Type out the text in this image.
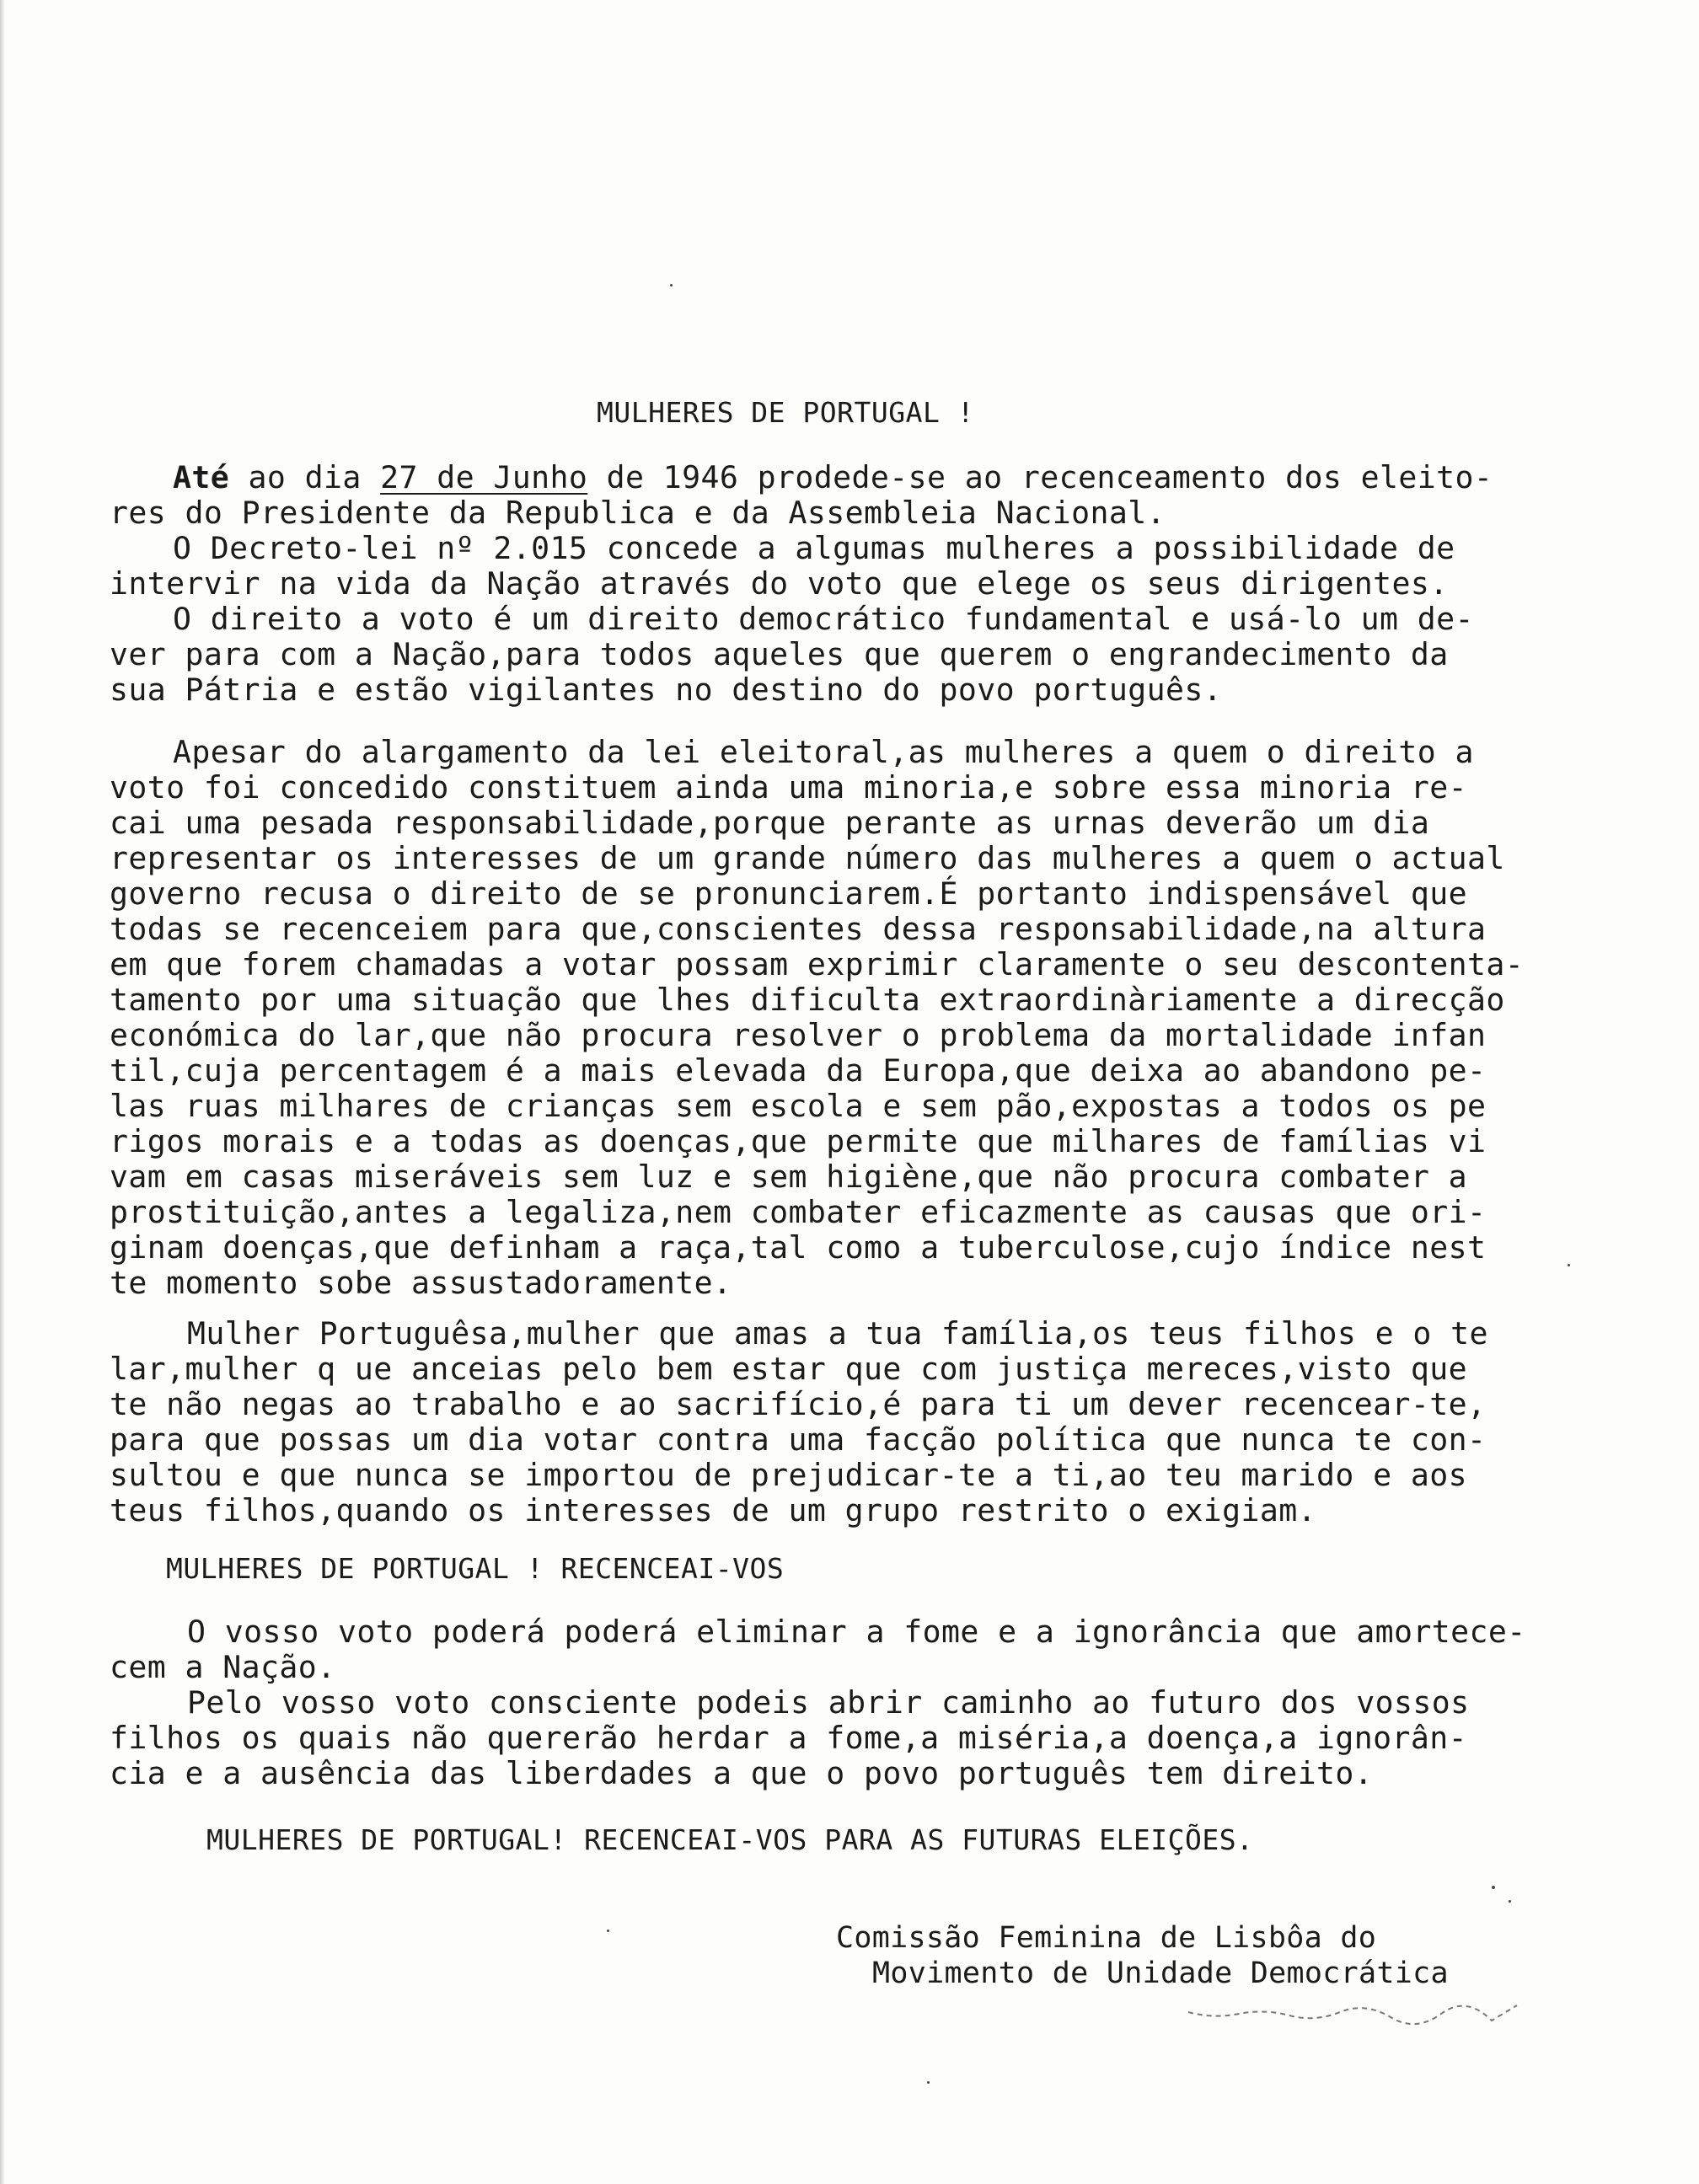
MULHERES DE PORTUGAL !
Até ao dia 27 de Junho de 1946 prodede-se ao recenceamento dos eleito-
res do Presidente da Republica e da Assembleia Nacional.
O Decreto-lei nº 2.015 concede a algumas mulheres a possibilidade de
intervir na vida da Nação através do voto que elege os seus dirigentes.
O direito a voto é um direito democrático fundamental e usá-lo um de-
ver para com a Nação,para todos aqueles que querem o engrandecimento da
sua Pátria e estão vigilantes no destino do povo português.
Apesar do alargamento da lei eleitoral,as mulheres a quem o direito a
voto foi concedido constituem ainda uma minoria,e sobre essa minoria re-
cai uma pesada responsabilidade,porque perante as urnas deverão um dia
representar os interesses de um grande número das mulheres a quem o actual
governo recusa o direito de se pronunciarem.É portanto indispensável que
todas se recenceiem para que,conscientes dessa responsabilidade,na altura
em que forem chamadas a votar possam exprimir claramente o seu descontenta-
tamento por uma situação que lhes dificulta extraordinàriamente a direcção
económica do lar,que não procura resolver o problema da mortalidade infan
til,cuja percentagem é a mais elevada da Europa,que deixa ao abandono pe-
las ruas milhares de crianças sem escola e sem pão,expostas a todos os pe
rigos morais e a todas as doenças,que permite que milhares de famílias vi
vam em casas miseráveis sem luz e sem higiène,que não procura combater a
prostituição,antes a legaliza,nem combater eficazmente as causas que ori-
ginam doenças,que definham a raça,tal como a tuberculose,cujo índice nest
te momento sobe assustadoramente.
Mulher Portuguêsa,mulher que amas a tua família,os teus filhos e o te
lar,mulher q ue anceias pelo bem estar que com justiça mereces,visto que
te não negas ao trabalho e ao sacrifício,é para ti um dever recencear-te,
para que possas um dia votar contra uma facção política que nunca te con-
sultou e que nunca se importou de prejudicar-te a ti,ao teu marido e aos
teus filhos,quando os interesses de um grupo restrito o exigiam.
MULHERES DE PORTUGAL ! RECENCEAI-VOS
O vosso voto poderá poderá eliminar a fome e a ignorância que amortece-
cem a Nação.
Pelo vosso voto consciente podeis abrir caminho ao futuro dos vossos
filhos os quais não quererão herdar a fome,a miséria,a doença,a ignorân-
cia e a ausência das liberdades a que o povo português tem direito.
MULHERES DE PORTUGAL! RECENCEAI-VOS PARA AS FUTURAS ELEIÇÕES.
Comissão Feminina de Lisbôa do
Movimento de Unidade Democrática
